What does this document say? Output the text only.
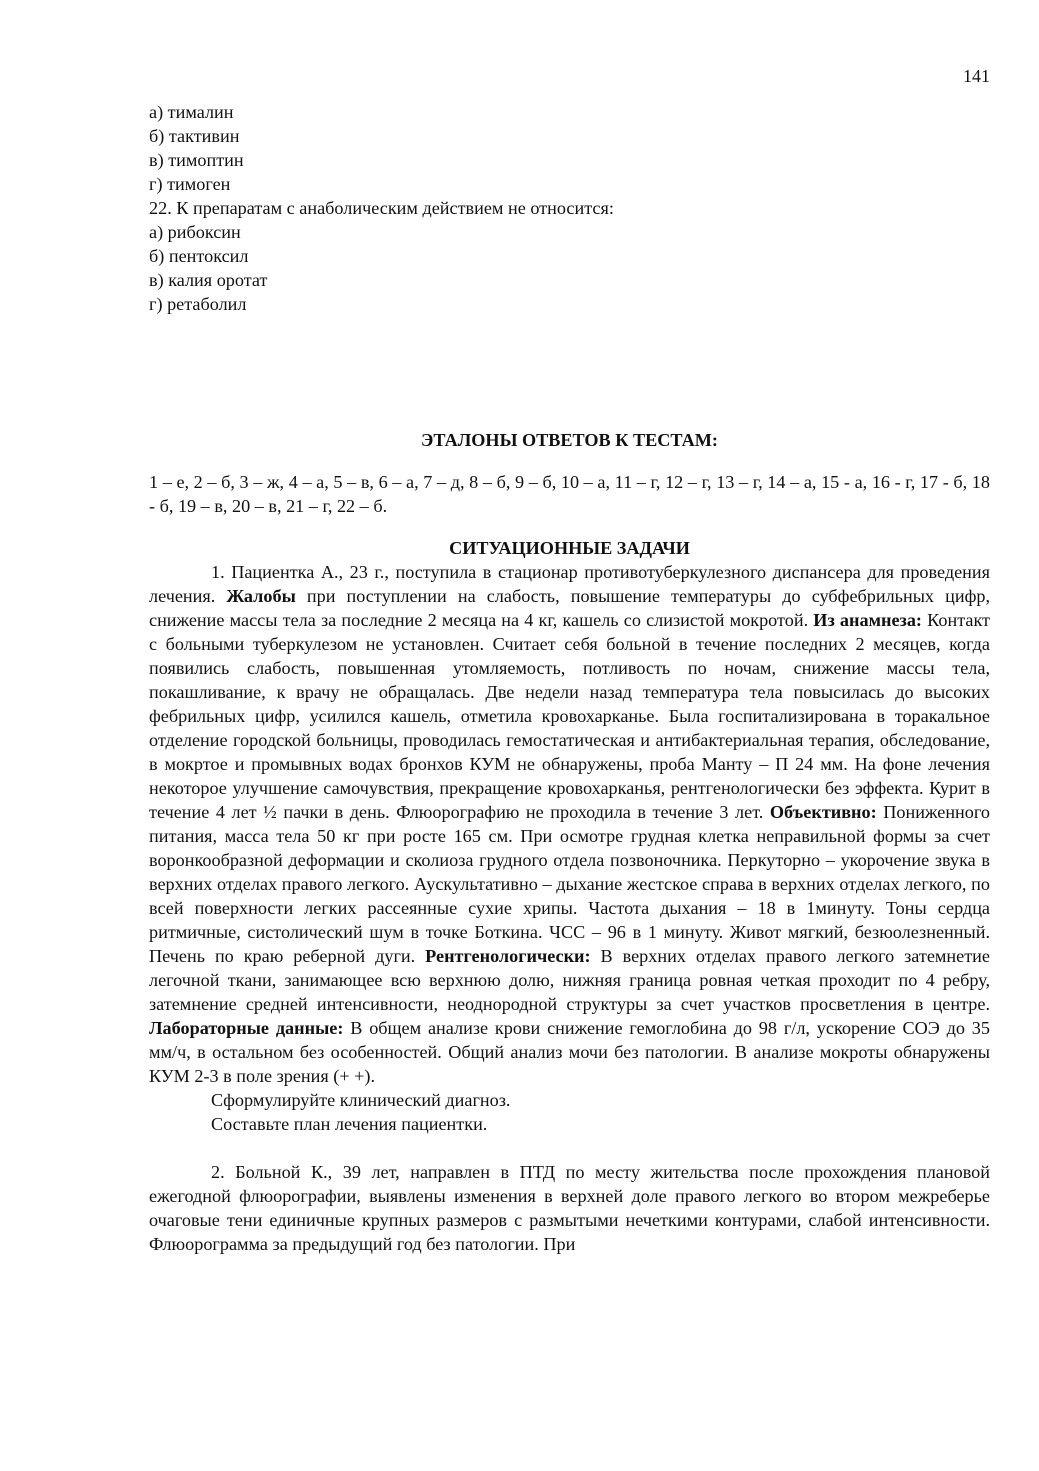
141

а) тималин

б) тактивин

в) тимоптин

г) тимоген

22. К препаратам с анаболическим действием не относится:

а) рибоксин

б) пентоксил

в) калия оротат

г) ретаболил

ЭТАЛОНЫ ОТВЕТОВ К ТЕСТАМ:

1 – е, 2 – б, 3 – ж, 4 – а, 5 – в, 6 – а, 7 – д, 8 – б, 9 – б, 10 – а, 11 – г, 12 – г, 13 – г, 14 – а, 15 - а, 16 - г, 17 - б, 18 - б, 19 – в, 20 – в, 21 – г, 22 – б.

СИТУАЦИОННЫЕ ЗАДАЧИ

1. Пациентка А., 23 г., поступила в стационар противотуберкулезного диспансера для проведения лечения. Жалобы при поступлении на слабость, повышение температуры до субфебрильных цифр, снижение массы тела за последние 2 месяца на 4 кг, кашель со слизистой мокротой. Из анамнеза: Контакт с больными туберкулезом не установлен. Считает себя больной в течение последних 2 месяцев, когда появились слабость, повышенная утомляемость, потливость по ночам, снижение массы тела, покашливание, к врачу не обращалась. Две недели назад температура тела повысилась до высоких фебрильных цифр, усилился кашель, отметила кровохарканье. Была госпитализирована в торакальное отделение городской больницы, проводилась гемостатическая и антибактериальная терапия, обследование, в мокртое и промывных водах бронхов КУМ не обнаружены, проба Манту – П 24 мм. На фоне лечения некоторое улучшение самочувствия, прекращение кровохарканья, рентгенологически без эффекта. Курит в течение 4 лет ½ пачки в день. Флюорографию не проходила в течение 3 лет. Объективно: Пониженного питания, масса тела 50 кг при росте 165 см. При осмотре грудная клетка неправильной формы за счет воронкообразной деформации и сколиоза грудного отдела позвоночника. Перкуторно – укорочение звука в верхних отделах правого легкого. Аускультативно – дыхание жестское справа в верхних отделах легкого, по всей поверхности легких рассеянные сухие хрипы. Частота дыхания – 18 в 1минуту. Тоны сердца ритмичные, систолический шум в точке Боткина. ЧСС – 96 в 1 минуту. Живот мягкий, безюолезненный. Печень по краю реберной дуги. Рентгенологически: В верхних отделах правого легкого затемнетие легочной ткани, занимающее всю верхнюю долю, нижняя граница ровная четкая проходит по 4 ребру, затемнение средней интенсивности, неоднородной структуры за счет участков просветления в центре. Лабораторные данные: В общем анализе крови снижение гемоглобина до 98 г/л, ускорение СОЭ до 35 мм/ч, в остальном без особенностей. Общий анализ мочи без патологии. В анализе мокроты обнаружены КУМ 2-3 в поле зрения (+ +).

Сформулируйте клинический диагноз.

Составьте план лечения пациентки.

2. Больной К., 39 лет, направлен в ПТД по месту жительства после прохождения плановой ежегодной флюорографии, выявлены изменения в верхней доле правого легкого во втором межреберье очаговые тени единичные крупных размеров с размытыми нечеткими контурами, слабой интенсивности. Флюорограмма за предыдущий год без патологии. При
